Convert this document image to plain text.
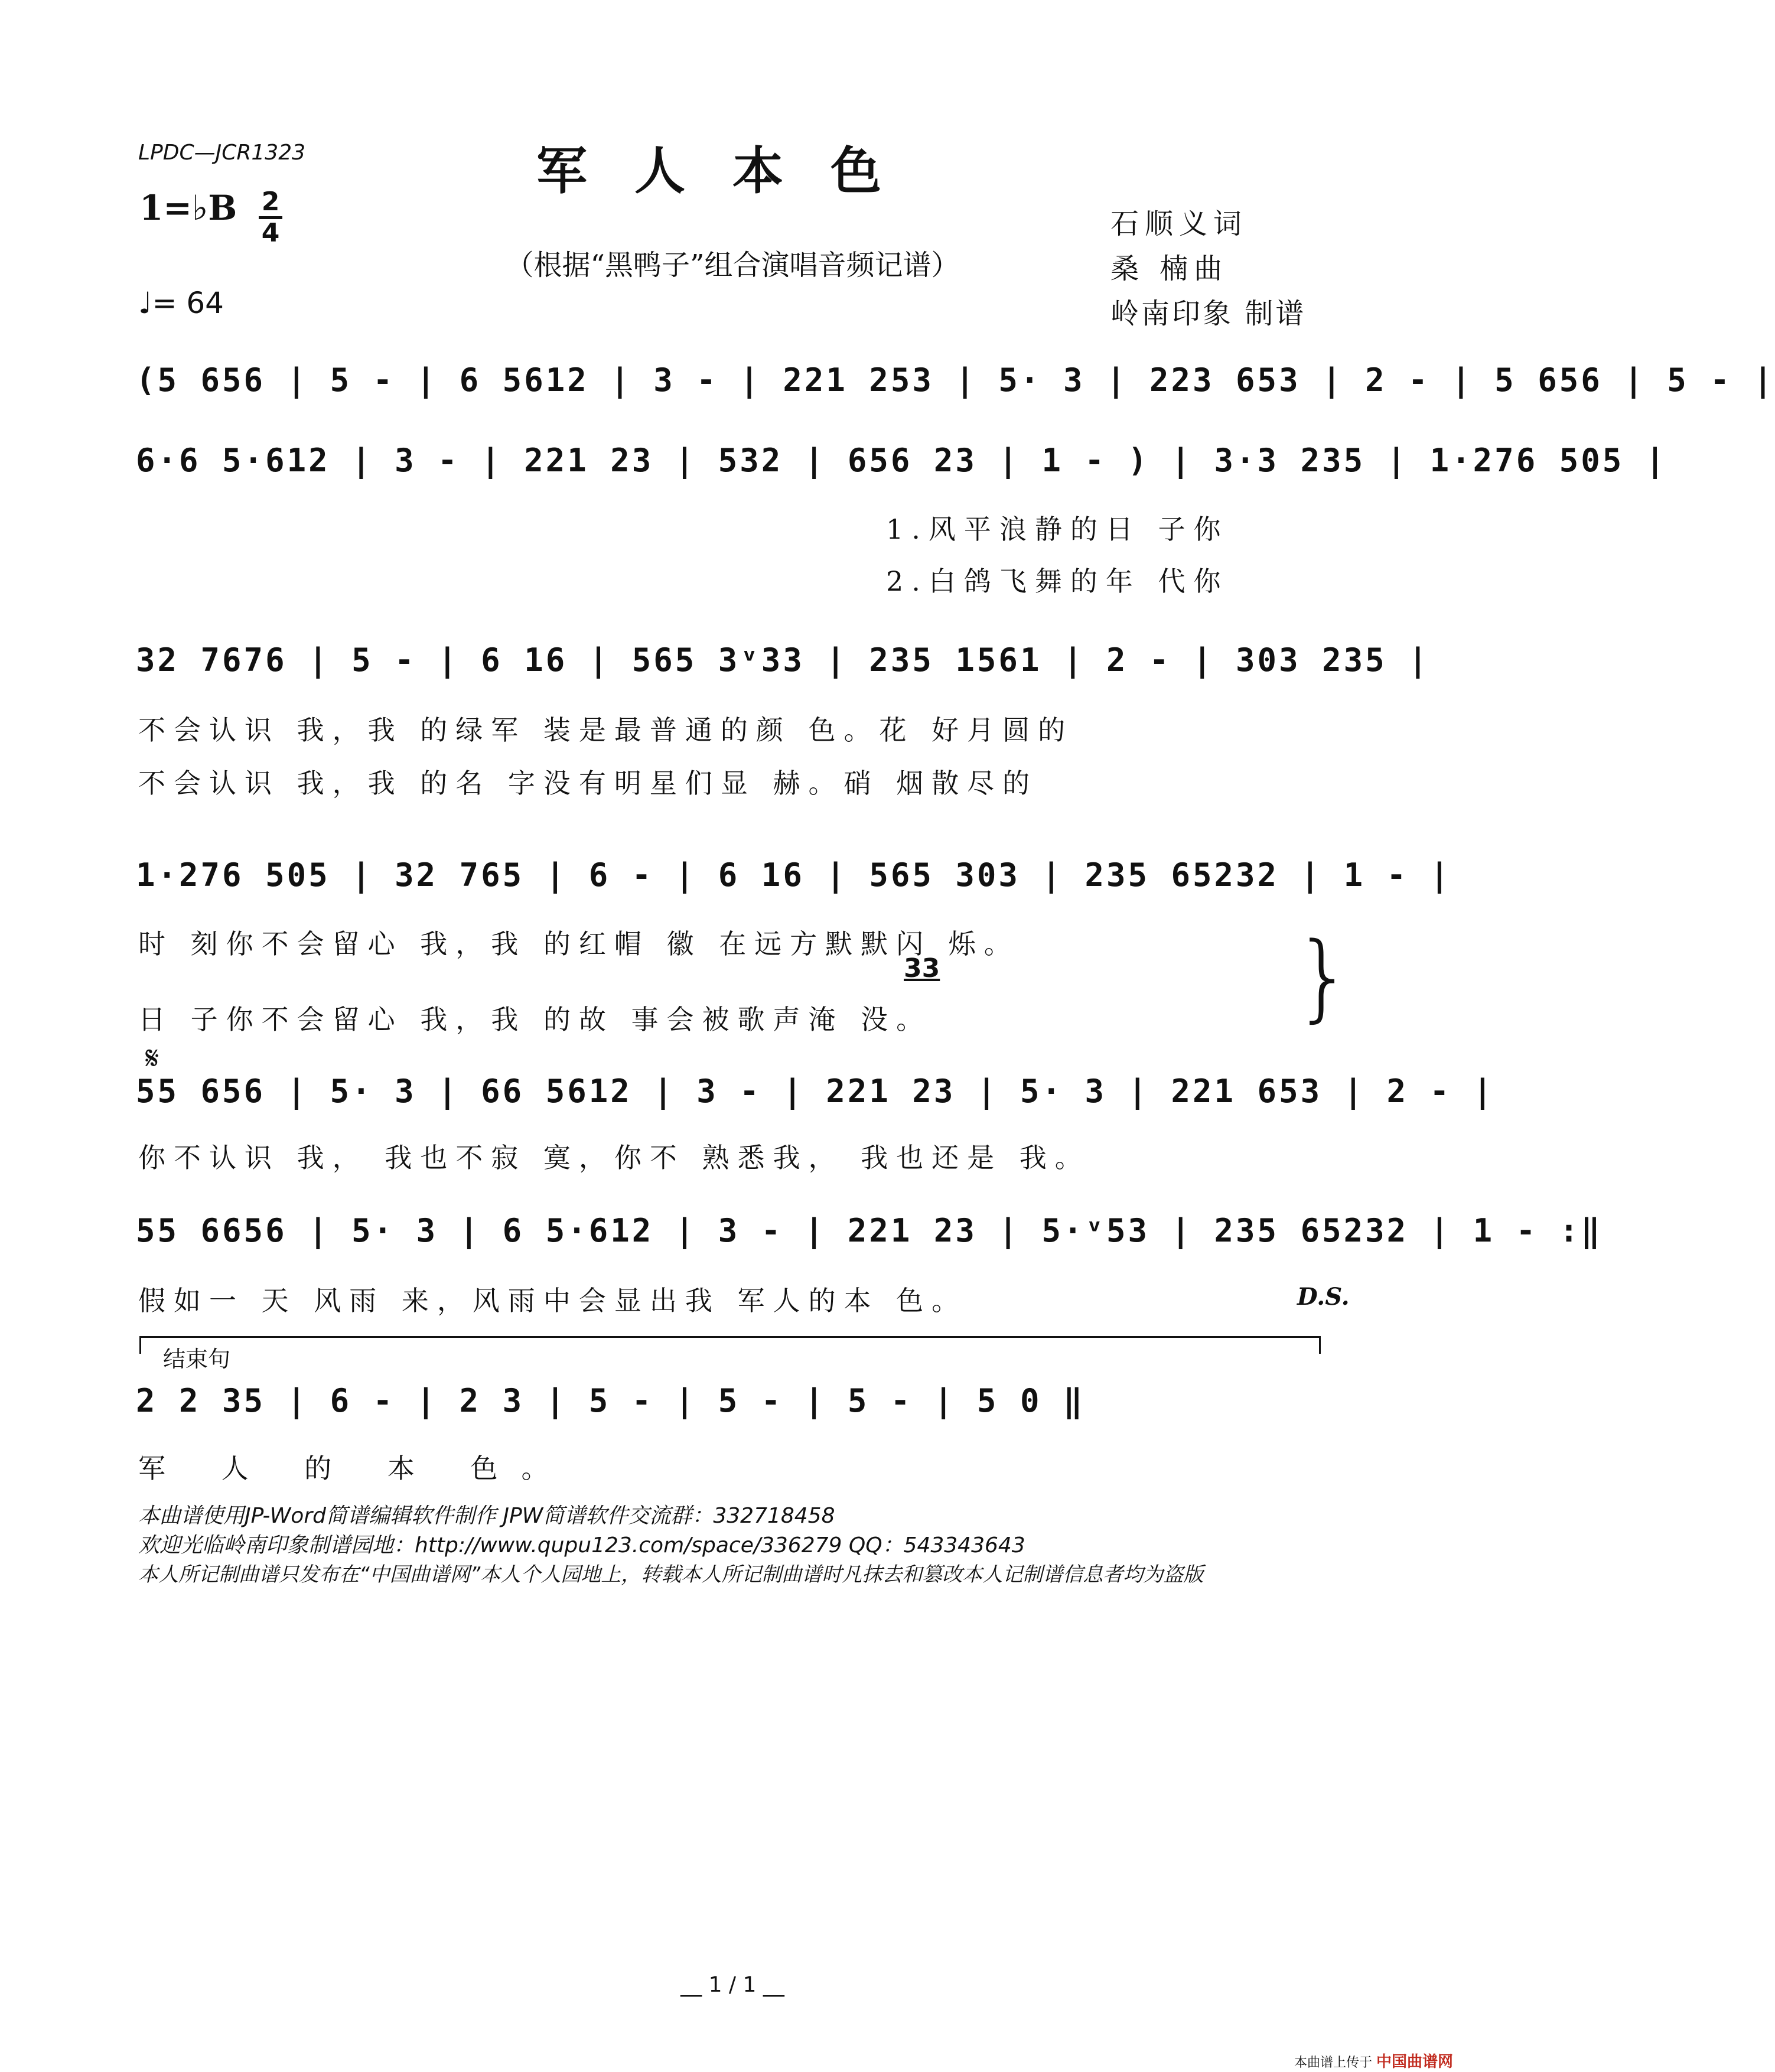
LPDC—JCR1323	军人本色
1=♭B 2
4
（根据“黑鸭子”组合演唱音频记谱）
♩= 64
石顺义词
桑 楠曲
岭南印象 制谱
(5 656 | 5 - | 6 5612 | 3 - | 221 253 | 5· 3 | 223 653 | 2 - | 5 656 | 5 - |
6·6 5·612 | 3 - | 221 23 | 532 | 656 23 | 1 - ) | 3·3 235 | 1·276 505 |
1.风平浪静的日 子你
2.白鸽飞舞的年 代你
32 7676 | 5 - | 6 16 | 565 3ᵛ33 | 235 1561 | 2 - | 303 235 |
不会认识 我，我 的绿军 装是最普通的颜 色。花 好月圆的
不会认识 我，我 的名 字没有明星们显 赫。硝 烟散尽的
1·276 505 | 32 765 | 6 - | 6 16 | 565 303 | 235 65232 | 1 - |
时 刻你不会留心 我，我 的红帽 徽 在远方默默闪 烁。
33
日 子你不会留心 我，我 的故 事会被歌声淹 没。	}
𝄋
55 656 | 5· 3 | 66 5612 | 3 - | 221 23 | 5· 3 | 221 653 | 2 - |
你不认识 我， 我也不寂 寞，你不 熟悉我， 我也还是 我。
55 6656 | 5· 3 | 6 5·612 | 3 - | 221 23 | 5·ᵛ53 | 235 65232 | 1 - :‖
假如一 天 风雨 来，风雨中会显出我 军人的本 色。	D.S.
结束句
2 2 35 | 6 - | 2 3 | 5 - | 5 - | 5 - | 5 0 ‖
军 人 的 本 色。
本曲谱使用JP-Word简谱编辑软件制作 JPW简谱软件交流群：332718458
欢迎光临岭南印象制谱园地：http://www.qupu123.com/space/336279 QQ：543343643
本人所记制曲谱只发布在“中国曲谱网”本人个人园地上，转载本人所记制曲谱时凡抹去和篡改本人记制谱信息者均为盗版
__ 1 / 1 __
本曲谱上传于 中国曲谱网
